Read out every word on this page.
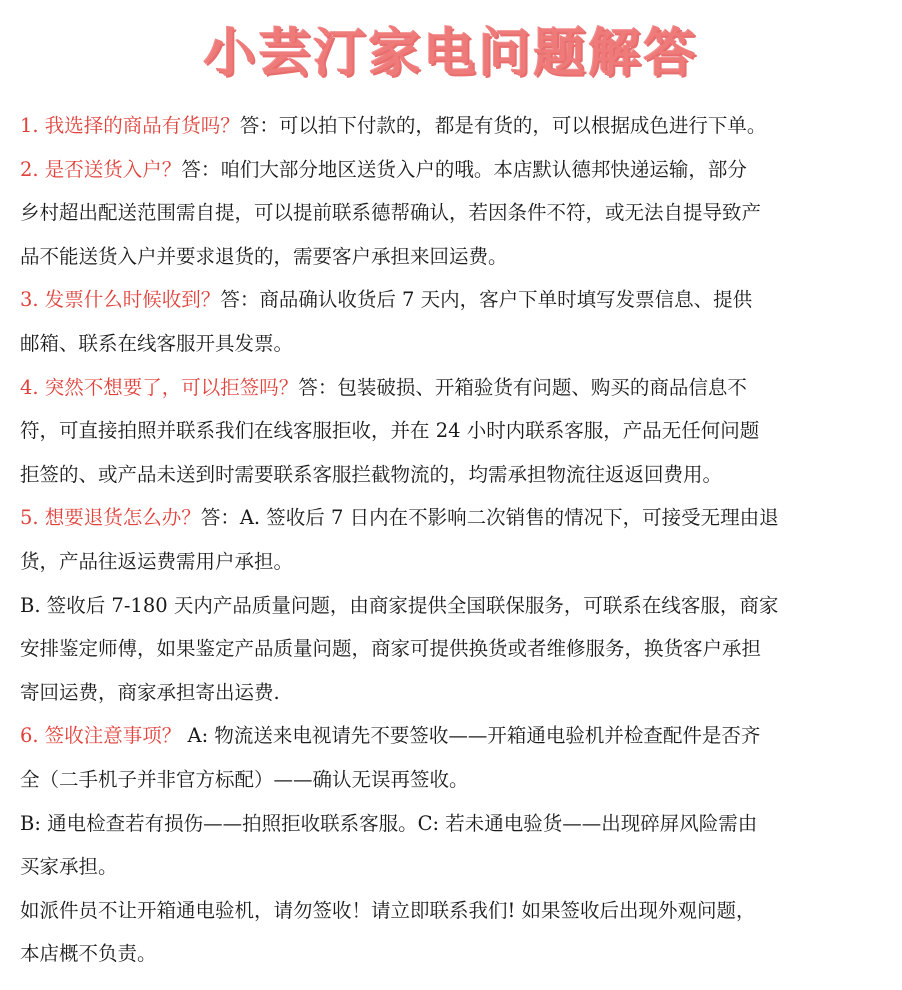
小芸汀家电问题解答
1. 我选择的商品有货吗？答：可以拍下付款的，都是有货的，可以根据成色进行下单。
2. 是否送货入户？答：咱们大部分地区送货入户的哦。本店默认德邦快递运输，部分
乡村超出配送范围需自提，可以提前联系德帮确认，若因条件不符，或无法自提导致产
品不能送货入户并要求退货的，需要客户承担来回运费。
3. 发票什么时候收到？答：商品确认收货后 7 天内，客户下单时填写发票信息、提供
邮箱、联系在线客服开具发票。
4. 突然不想要了，可以拒签吗？答：包装破损、开箱验货有问题、购买的商品信息不
符，可直接拍照并联系我们在线客服拒收，并在 24 小时内联系客服，产品无任何问题
拒签的、或产品未送到时需要联系客服拦截物流的，均需承担物流往返返回费用。
5. 想要退货怎么办？答：A. 签收后 7 日内在不影响二次销售的情况下，可接受无理由退
货，产品往返运费需用户承担。
B. 签收后 7-180 天内产品质量问题，由商家提供全国联保服务，可联系在线客服，商家
安排鉴定师傅，如果鉴定产品质量问题，商家可提供换货或者维修服务，换货客户承担
寄回运费，商家承担寄出运费.
6. 签收注意事项？ A: 物流送来电视请先不要签收——开箱通电验机并检查配件是否齐
全（二手机子并非官方标配）——确认无误再签收。
B: 通电检查若有损伤——拍照拒收联系客服。C: 若未通电验货——出现碎屏风险需由
买家承担。
如派件员不让开箱通电验机，请勿签收！请立即联系我们! 如果签收后出现外观问题，
本店概不负责。
